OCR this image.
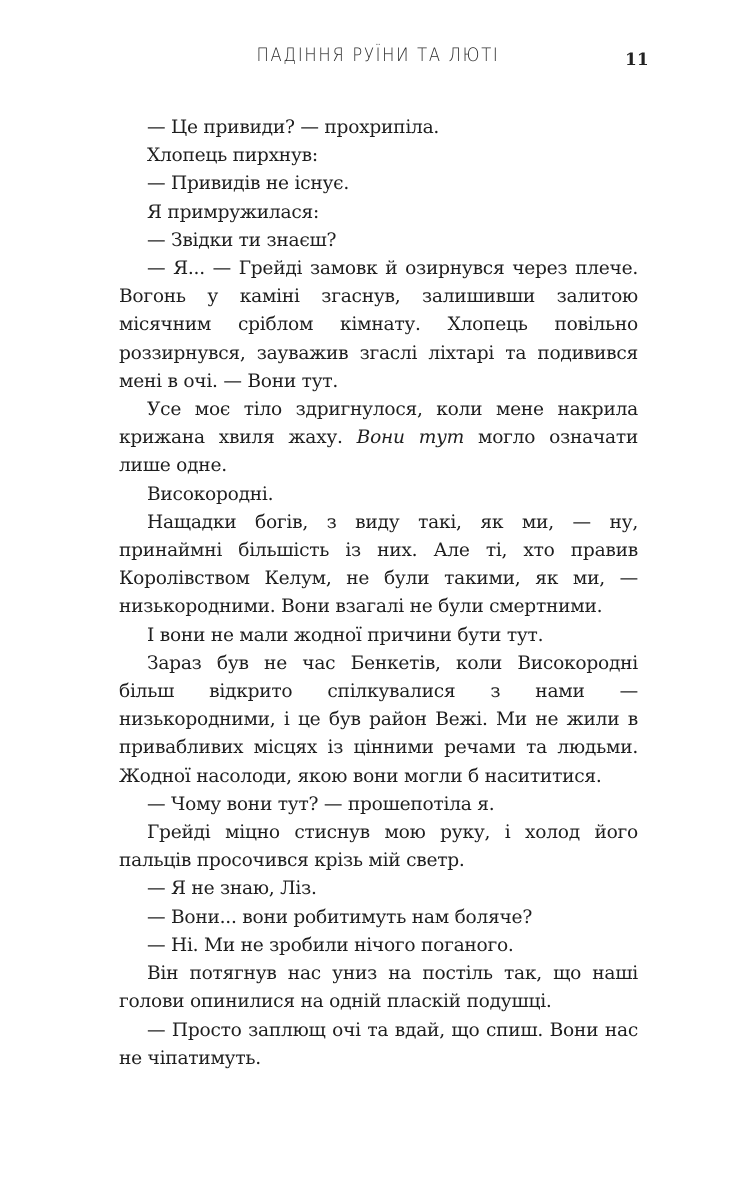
ПАДІННЯ РУЇНИ ТА ЛЮТІ	11

— Це привиди? — прохрипіла.

Хлопець пирхнув:

— Привидів не існує.

Я примружилася:

— Звідки ти знаєш?

— Я... — Грейді замовк й озирнувся через плече. Вогонь у каміні згаснув, залишивши залитою місячним сріблом кімнату. Хлопець повільно роззирнувся, зауважив згаслі ліхтарі та подивився мені в очі. — Вони тут.

Усе моє тіло здригнулося, коли мене накрила крижана хвиля жаху. Вони тут могло означати лише одне.

Високородні.

Нащадки богів, з виду такі, як ми, — ну, принаймні більшість із них. Але ті, хто правив Королівством Келум, не були такими, як ми, — низькородними. Вони взагалі не були смертними.

І вони не мали жодної причини бути тут.

Зараз був не час Бенкетів, коли Високородні більш відкрито спілкувалися з нами — низькородними, і це був район Вежі. Ми не жили в привабливих місцях із цінними речами та людьми. Жодної насолоди, якою вони могли б насититися.

— Чому вони тут? — прошепотіла я.

Грейді міцно стиснув мою руку, і холод його пальців просочився крізь мій светр.

— Я не знаю, Ліз.

— Вони... вони робитимуть нам боляче?

— Ні. Ми не зробили нічого поганого.

Він потягнув нас униз на постіль так, що наші голови опинилися на одній пласкій подушці.

— Просто заплющ очі та вдай, що спиш. Вони нас не чіпатимуть.
